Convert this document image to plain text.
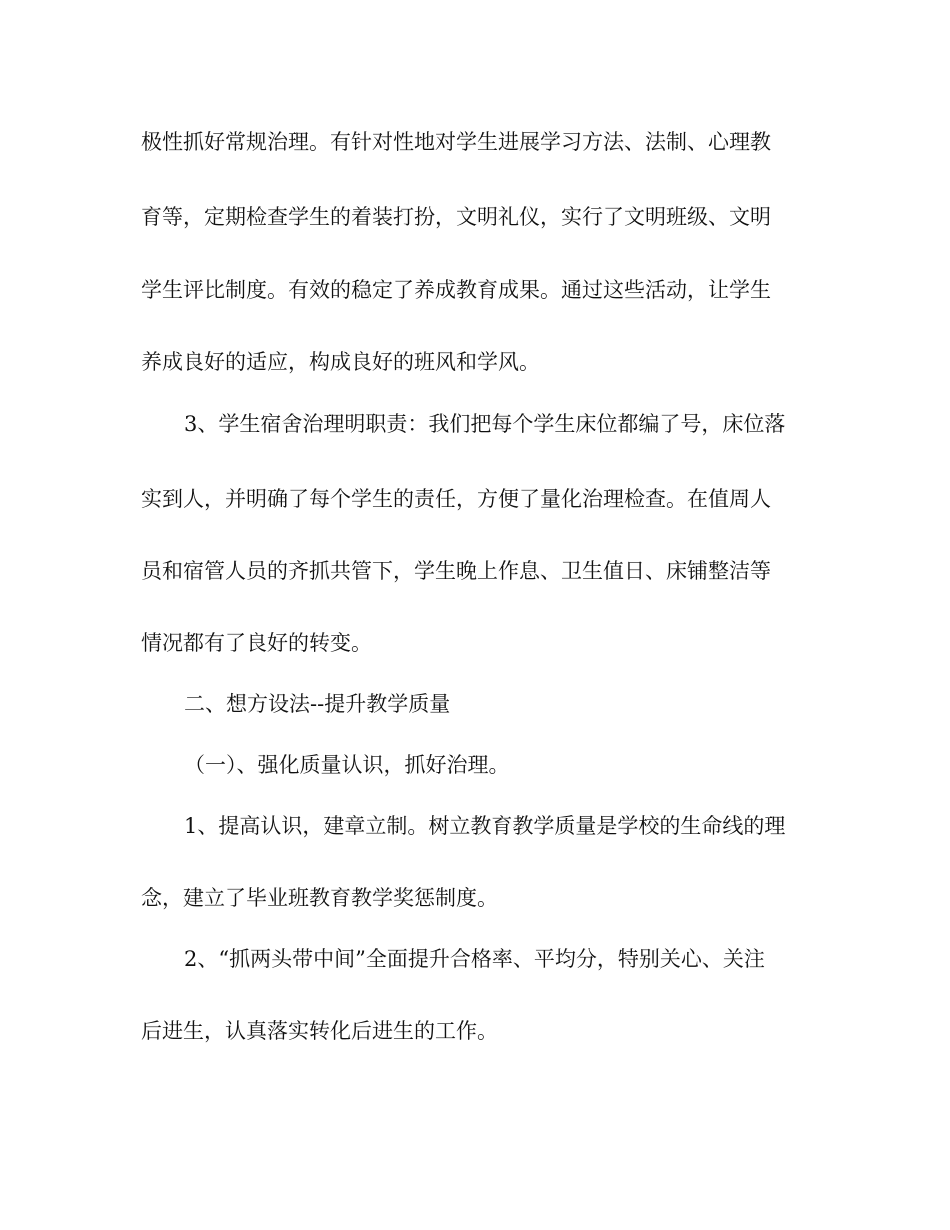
极性抓好常规治理。有针对性地对学生进展学习方法、法制、心理教
育等，定期检查学生的着装打扮，文明礼仪，实行了文明班级、文明
学生评比制度。有效的稳定了养成教育成果。通过这些活动，让学生
养成良好的适应，构成良好的班风和学风。
3、学生宿舍治理明职责：我们把每个学生床位都编了号，床位落
实到人，并明确了每个学生的责任，方便了量化治理检查。在值周人
员和宿管人员的齐抓共管下，学生晚上作息、卫生值日、床铺整洁等
情况都有了良好的转变。
二、想方设法--提升教学质量
（一）、强化质量认识，抓好治理。
1、提高认识，建章立制。树立教育教学质量是学校的生命线的理
念，建立了毕业班教育教学奖惩制度。
2、“抓两头带中间”全面提升合格率、平均分，特别关心、关注
后进生，认真落实转化后进生的工作。
